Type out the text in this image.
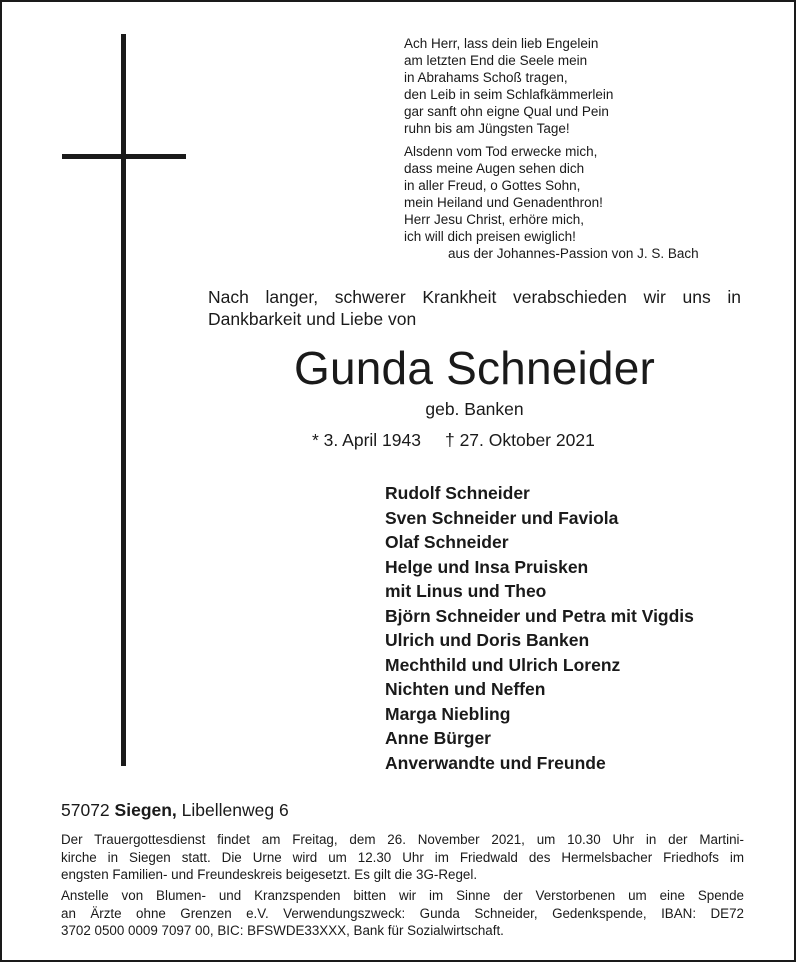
Ach Herr, lass dein lieb Engelein
am letzten End die Seele mein
in Abrahams Schoß tragen,
den Leib in seim Schlafkämmerlein
gar sanft ohn eigne Qual und Pein
ruhn bis am Jüngsten Tage!
Alsdenn vom Tod erwecke mich,
dass meine Augen sehen dich
in aller Freud, o Gottes Sohn,
mein Heiland und Genadenthron!
Herr Jesu Christ, erhöre mich,
ich will dich preisen ewiglich!
aus der Johannes-Passion von J. S. Bach
Nach langer, schwerer Krankheit verabschieden wir uns in
Dankbarkeit und Liebe von
Gunda Schneider
geb. Banken
* 3. April 1943 † 27. Oktober 2021
Rudolf Schneider
Sven Schneider und Faviola
Olaf Schneider
Helge und Insa Pruisken
mit Linus und Theo
Björn Schneider und Petra mit Vigdis
Ulrich und Doris Banken
Mechthild und Ulrich Lorenz
Nichten und Neffen
Marga Niebling
Anne Bürger
Anverwandte und Freunde
57072 Siegen, Libellenweg 6
Der Trauergottesdienst findet am Freitag, dem 26. November 2021, um 10.30 Uhr in der Martini-
kirche in Siegen statt. Die Urne wird um 12.30 Uhr im Friedwald des Hermelsbacher Friedhofs im
engsten Familien- und Freundeskreis beigesetzt. Es gilt die 3G-Regel.
Anstelle von Blumen- und Kranzspenden bitten wir im Sinne der Verstorbenen um eine Spende
an Ärzte ohne Grenzen e.V. Verwendungszweck: Gunda Schneider, Gedenkspende, IBAN: DE72
3702 0500 0009 7097 00, BIC: BFSWDE33XXX, Bank für Sozialwirtschaft.
